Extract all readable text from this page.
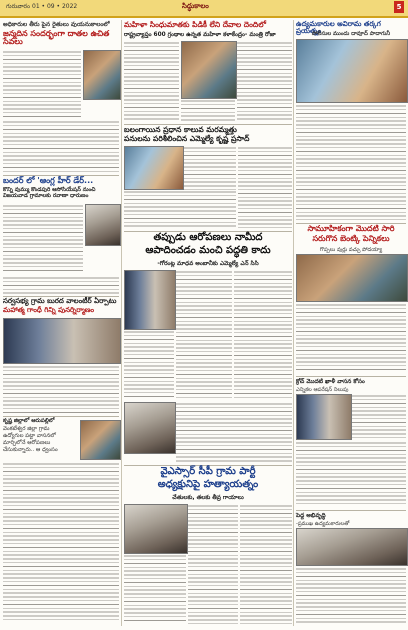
గురువారం 01 • 09 • 2022	సిద్ధుకాలం	5
అధికారుల తీరు పైన రైతులు వుయనుకాలంలో
జన్మదిన సందర్భంగా దాతల ఉచిత సేవలు
బందర్ లో 'ఆంగ్ల హీర్ డేర్...
కొన్ని వుమ్ము కొండపురి ఆసోసియేషన్ నుంచి విజయవాడ గ్రామాలకు రవాణా ధారుణం
సర్వసభ్య గ్రామ బురద వాలంటీర్ ఏర్పాటు
మహాత్మ గాంధీ గిన్ని పునర్నిర్మాణం
కృష్ణ జిల్లాలో ఆరుపల్లిలో
వెంకటేశ్వర జిల్లా గ్రామ
ఉద్యోగుల పట్టా వాసనలో
మార్చిలోనే ఆరోపణలు
చేసుకున్నారు.. ఆ ధ్వంసం
మహిళా సింధుమాతకు పిడికీ లేని దేవాల దెందిలో
రాష్ట్రవ్యాప్తం 600 గ్రంథాల ఉన్నత మహిళా కళాకేంద్రం- మంత్రి రోజా
బలంగాయిన ప్రధాన కాలువ మరమ్మత్తు
పనులను పరిశీలించిన ఎమ్మెల్యే కృష్ణ ప్రసాద్
తప్పుడు ఆరోపణలు నామీద
ఆపాదించడం మంచి పద్ధతి కాదు
-గోరంట్ల మాధవ అంబానీకు ఎమ్మెల్యే ఎన్ సిసి
వైఎస్సార్ సీపీ గ్రామ పార్టీ
అధ్యక్షునిపై హత్యాయత్నం
చేతులకు, తలకు తీవ్ర గాయాలు
ఉద్యమకారుల అవిరామ తర్కగ ప్రయత్నం
పోలీసుల ముందు దావూద్ పాదాగునీ
సామూహికంగా మొదటి సారి
సరుగొన బెంట్కి పెన్నికలు
గొప్పలు వుర్లు వచ్చు పోదయ్యా
క్రోచ్ మొదటి ఖాళీ వాసన కోసం
ఎన్నికల ఆపరేషన్ నిలుపు
పెద్ద అభివృద్ధి
-ప్రముఖ ఉద్యమకారులతో
